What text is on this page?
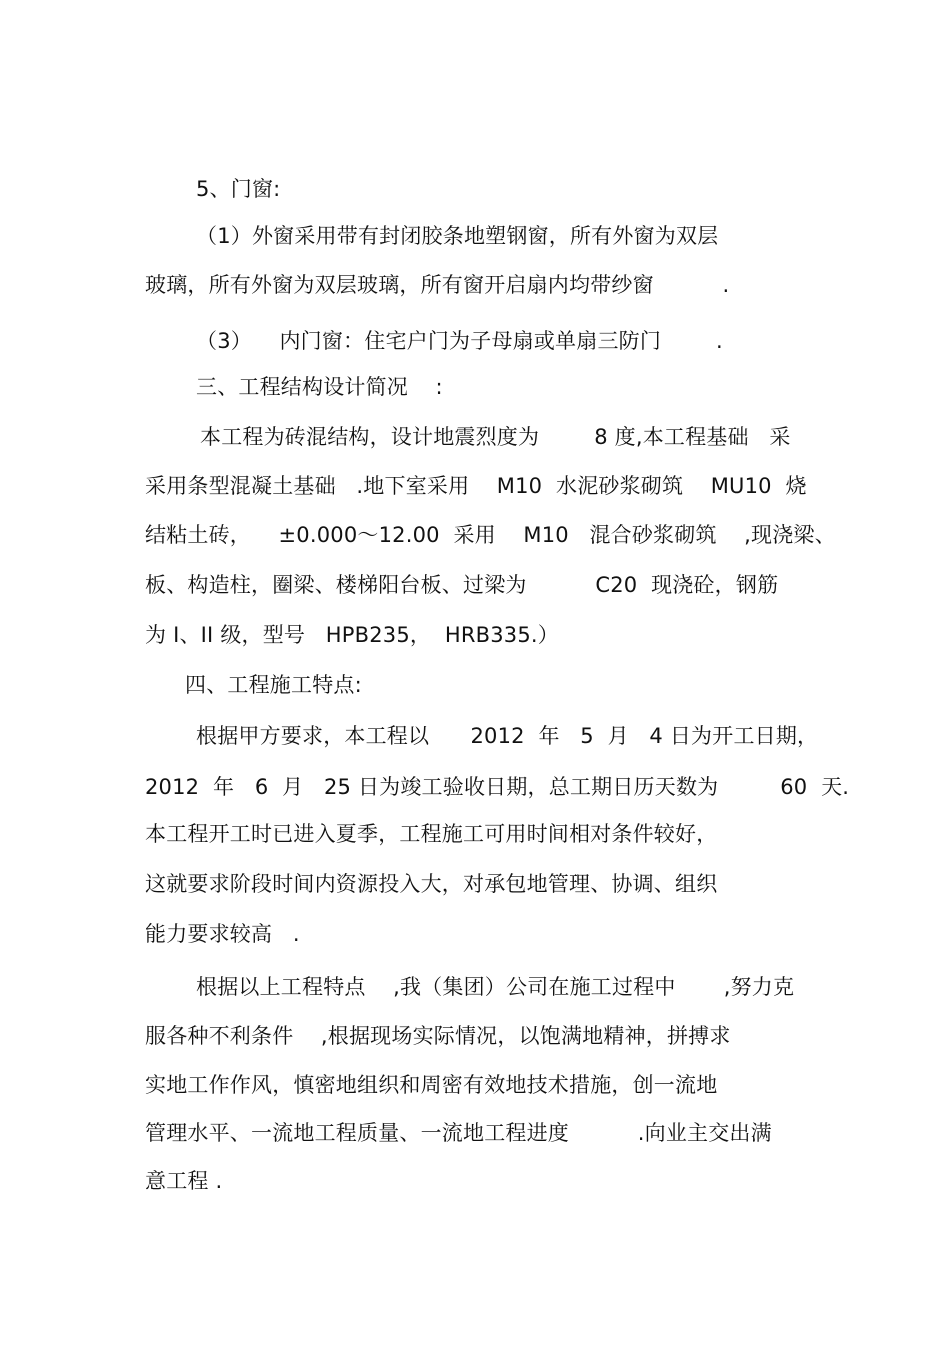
5、门窗:
（1）外窗采用带有封闭胶条地塑钢窗，所有外窗为双层
玻璃，所有外窗为双层玻璃，所有窗开启扇内均带纱窗          .
（3）    内门窗：住宅户门为子母扇或单扇三防门        .
三、工程结构设计简况    :
本工程为砖混结构，设计地震烈度为        8 度,本工程基础   采
采用条型混凝土基础   .地下室采用    M10  水泥砂浆砌筑    MU10  烧
结粘土砖，    ±0.000～12.00  采用    M10   混合砂浆砌筑    ,现浇梁、
板、构造柱，圈梁、楼梯阳台板、过梁为          C20  现浇砼，钢筋
为 I、II 级，型号   HPB235，  HRB335.）
四、工程施工特点:
根据甲方要求，本工程以      2012  年   5  月   4 日为开工日期，
2012  年   6  月   25 日为竣工验收日期，总工期日历天数为         60  天.
本工程开工时已进入夏季，工程施工可用时间相对条件较好，
这就要求阶段时间内资源投入大，对承包地管理、协调、组织
能力要求较高   .
根据以上工程特点    ,我（集团）公司在施工过程中       ,努力克
服各种不利条件    ,根据现场实际情况，以饱满地精神，拼搏求
实地工作作风，慎密地组织和周密有效地技术措施，创一流地
管理水平、一流地工程质量、一流地工程进度          .向业主交出满
意工程 .
